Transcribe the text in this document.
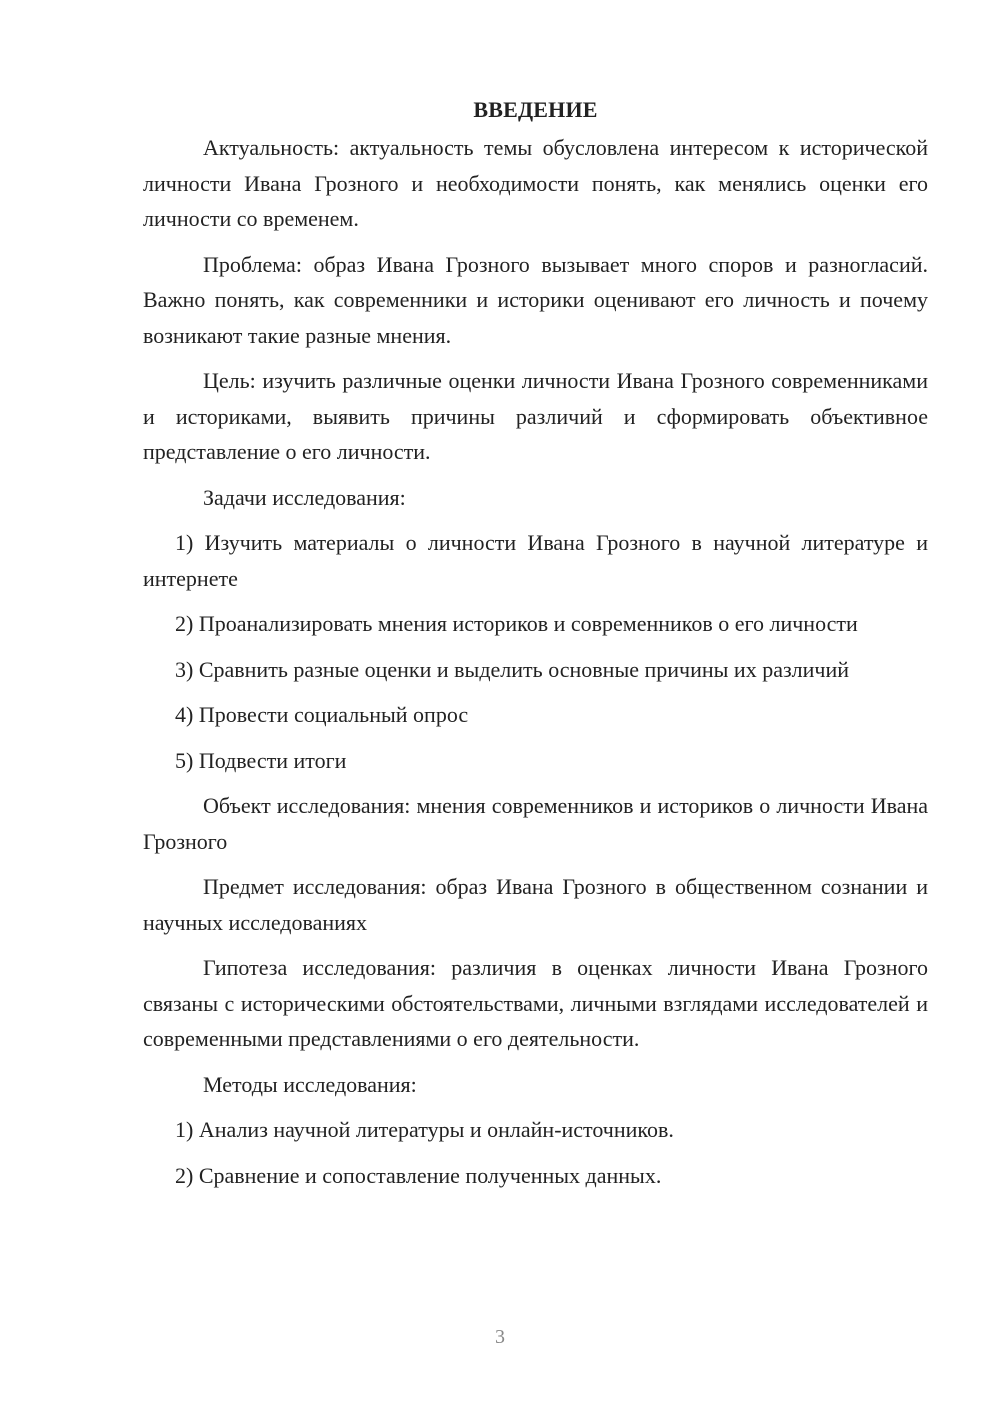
ВВЕДЕНИЕ

Актуальность: актуальность темы обусловлена интересом к исторической личности Ивана Грозного и необходимости понять, как менялись оценки его личности со временем.

Проблема: образ Ивана Грозного вызывает много споров и разногласий. Важно понять, как современники и историки оценивают его личность и почему возникают такие разные мнения.

Цель: изучить различные оценки личности Ивана Грозного современниками и историками, выявить причины различий и сформировать объективное представление о его личности.

Задачи исследования:

1) Изучить материалы о личности Ивана Грозного в научной литературе и интернете

2) Проанализировать мнения историков и современников о его личности

3) Сравнить разные оценки и выделить основные причины их различий

4) Провести социальный опрос

5) Подвести итоги

Объект исследования: мнения современников и историков о личности Ивана Грозного

Предмет исследования: образ Ивана Грозного в общественном сознании и научных исследованиях

Гипотеза исследования: различия в оценках личности Ивана Грозного связаны с историческими обстоятельствами, личными взглядами исследователей и современными представлениями о его деятельности.

Методы исследования:

1) Анализ научной литературы и онлайн-источников.

2) Сравнение и сопоставление полученных данных.

3
